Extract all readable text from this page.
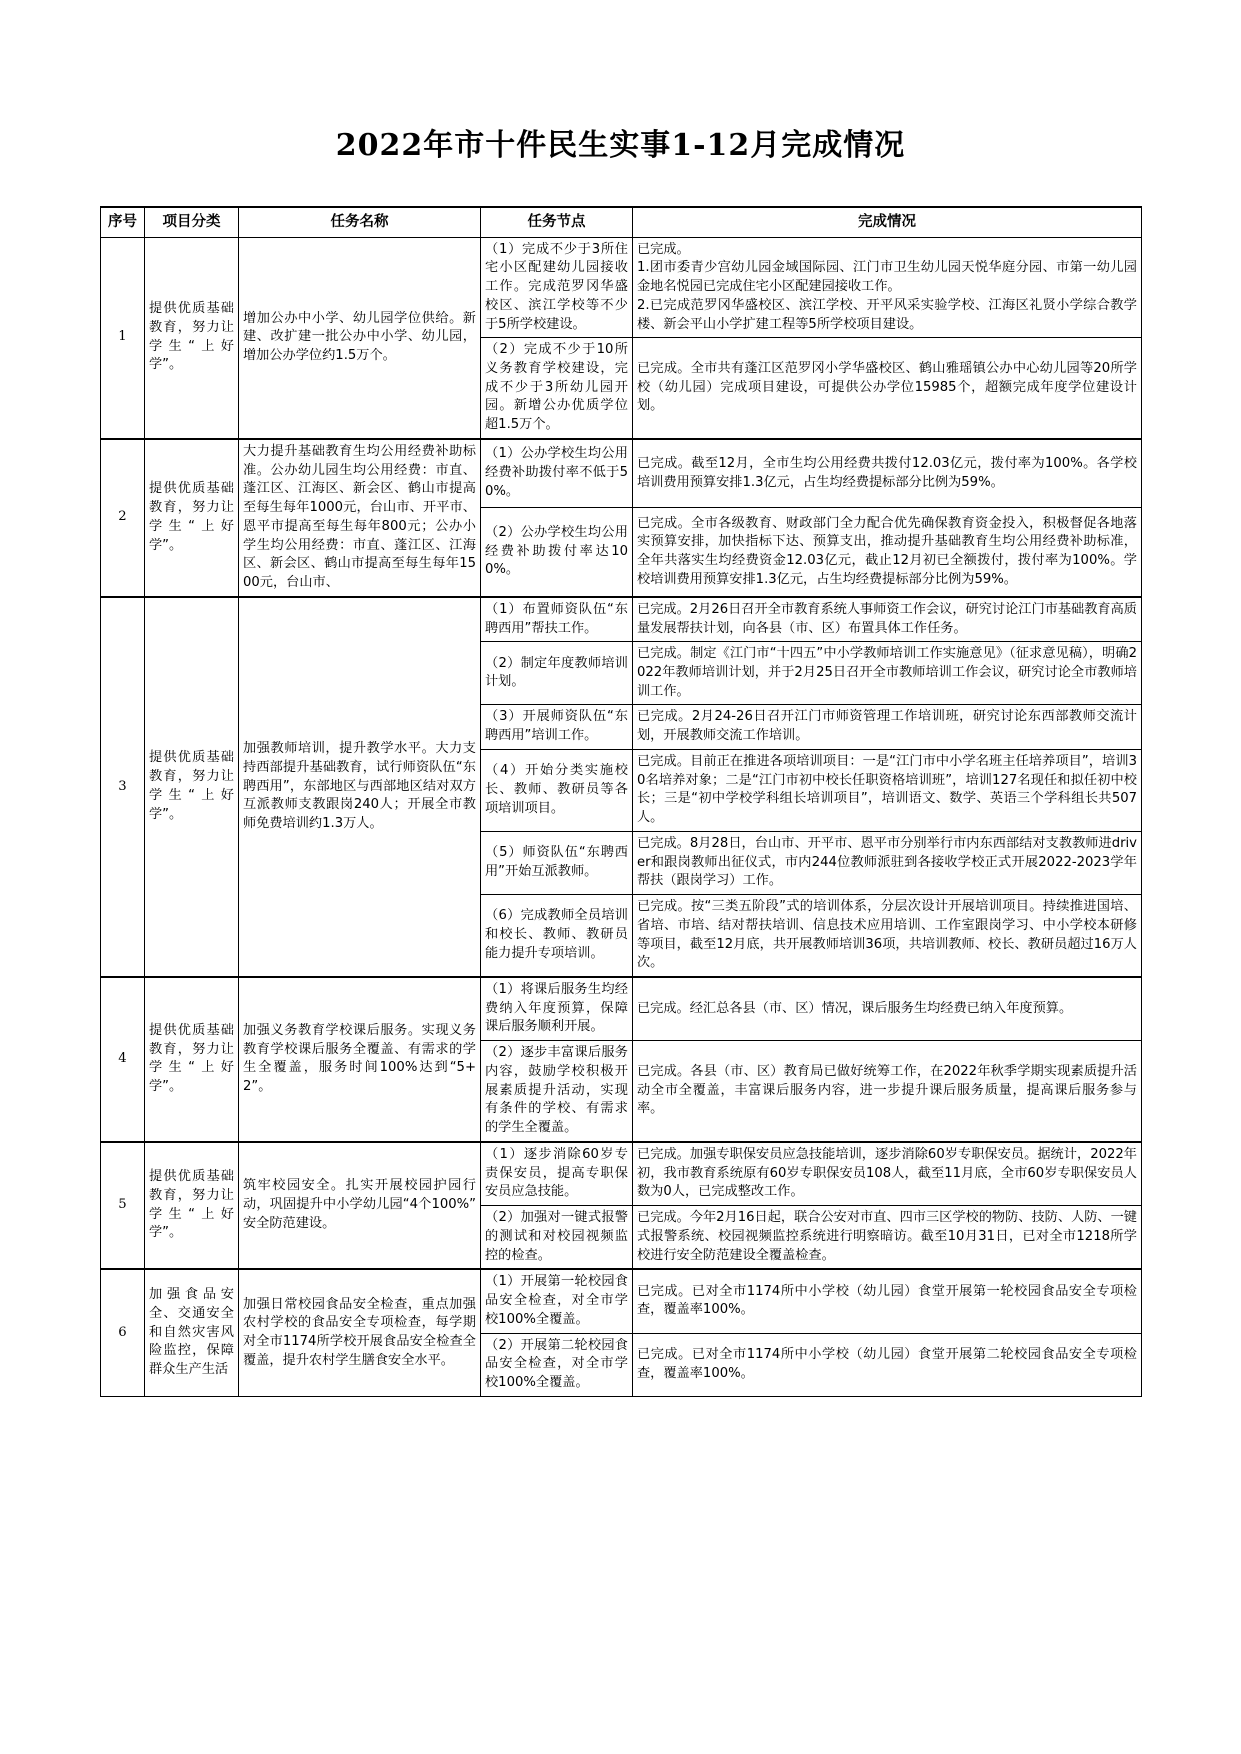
2022年市十件民生实事1-12月完成情况
序号	项目分类	任务名称	任务节点	完成情况
1	提供优质基础教育，努力让学生“上好学”。	增加公办中小学、幼儿园学位供给。新建、改扩建一批公办中小学、幼儿园，增加公办学位约1.5万个。	（1）完成不少于3所住宅小区配建幼儿园接收工作。完成范罗冈华盛校区、滨江学校等不少于5所学校建设。	已完成。
1.团市委青少宫幼儿园金域国际园、江门市卫生幼儿园天悦华庭分园、市第一幼儿园金地名悦园已完成住宅小区配建园接收工作。
2.已完成范罗冈华盛校区、滨江学校、开平风采实验学校、江海区礼贤小学综合教学楼、新会平山小学扩建工程等5所学校项目建设。
			（2）完成不少于10所义务教育学校建设，完成不少于3所幼儿园开园。新增公办优质学位超1.5万个。	已完成。全市共有蓬江区范罗冈小学华盛校区、鹤山雅瑶镇公办中心幼儿园等20所学校（幼儿园）完成项目建设，可提供公办学位15985个，超额完成年度学位建设计划。
2	提供优质基础教育，努力让学生“上好学”。	大力提升基础教育生均公用经费补助标准。公办幼儿园生均公用经费：市直、蓬江区、江海区、新会区、鹤山市提高至每生每年1000元，台山市、开平市、恩平市提高至每生每年800元；公办小学生均公用经费：市直、蓬江区、江海区、新会区、鹤山市提高至每生每年1500元，台山市、	（1）公办学校生均公用经费补助拨付率不低于50%。	已完成。截至12月，全市生均公用经费共拨付12.03亿元，拨付率为100%。各学校培训费用预算安排1.3亿元，占生均经费提标部分比例为59%。
			（2）公办学校生均公用经费补助拨付率达100%。	已完成。全市各级教育、财政部门全力配合优先确保教育资金投入，积极督促各地落实预算安排，加快指标下达、预算支出，推动提升基础教育生均公用经费补助标准，全年共落实生均经费资金12.03亿元，截止12月初已全额拨付，拨付率为100%。学校培训费用预算安排1.3亿元，占生均经费提标部分比例为59%。
3	提供优质基础教育，努力让学生“上好学”。	加强教师培训，提升教学水平。大力支持西部提升基础教育，试行师资队伍“东聘西用”，东部地区与西部地区结对双方互派教师支教跟岗240人；开展全市教师免费培训约1.3万人。	（1）布置师资队伍“东聘西用”帮扶工作。	已完成。2月26日召开全市教育系统人事师资工作会议，研究讨论江门市基础教育高质量发展帮扶计划，向各县（市、区）布置具体工作任务。
			（2）制定年度教师培训计划。	已完成。制定《江门市“十四五”中小学教师培训工作实施意见》（征求意见稿），明确2022年教师培训计划，并于2月25日召开全市教师培训工作会议，研究讨论全市教师培训工作。
			（3）开展师资队伍“东聘西用”培训工作。	已完成。2月24-26日召开江门市师资管理工作培训班，研究讨论东西部教师交流计划，开展教师交流工作培训。
			（4）开始分类实施校长、教师、教研员等各项培训项目。	已完成。目前正在推进各项培训项目：一是“江门市中小学名班主任培养项目”，培训30名培养对象；二是“江门市初中校长任职资格培训班”，培训127名现任和拟任初中校长；三是“初中学校学科组长培训项目”，培训语文、数学、英语三个学科组长共507人。
			（5）师资队伍“东聘西用”开始互派教师。	已完成。8月28日，台山市、开平市、恩平市分别举行市内东西部结对支教教师进driver和跟岗教师出征仪式，市内244位教师派驻到各接收学校正式开展2022-2023学年帮扶（跟岗学习）工作。
			（6）完成教师全员培训和校长、教师、教研员能力提升专项培训。	已完成。按“三类五阶段”式的培训体系，分层次设计开展培训项目。持续推进国培、省培、市培、结对帮扶培训、信息技术应用培训、工作室跟岗学习、中小学校本研修等项目，截至12月底，共开展教师培训36项，共培训教师、校长、教研员超过16万人次。
4	提供优质基础教育，努力让学生“上好学”。	加强义务教育学校课后服务。实现义务教育学校课后服务全覆盖、有需求的学生全覆盖，服务时间100%达到“5+2”。	（1）将课后服务生均经费纳入年度预算，保障课后服务顺利开展。	已完成。经汇总各县（市、区）情况，课后服务生均经费已纳入年度预算。
			（2）逐步丰富课后服务内容，鼓励学校积极开展素质提升活动，实现有条件的学校、有需求的学生全覆盖。	已完成。各县（市、区）教育局已做好统筹工作，在2022年秋季学期实现素质提升活动全市全覆盖，丰富课后服务内容，进一步提升课后服务质量，提高课后服务参与率。
5	提供优质基础教育，努力让学生“上好学”。	筑牢校园安全。扎实开展校园护园行动，巩固提升中小学幼儿园“4个100%”安全防范建设。	（1）逐步消除60岁专责保安员，提高专职保安员应急技能。	已完成。加强专职保安员应急技能培训，逐步消除60岁专职保安员。据统计，2022年初，我市教育系统原有60岁专职保安员108人，截至11月底，全市60岁专职保安员人数为0人，已完成整改工作。
			（2）加强对一键式报警的测试和对校园视频监控的检查。	已完成。今年2月16日起，联合公安对市直、四市三区学校的物防、技防、人防、一键式报警系统、校园视频监控系统进行明察暗访。截至10月31日，已对全市1218所学校进行安全防范建设全覆盖检查。
6	加强食品安全、交通安全和自然灾害风险监控，保障群众生产生活	加强日常校园食品安全检查，重点加强农村学校的食品安全专项检查，每学期对全市1174所学校开展食品安全检查全覆盖，提升农村学生膳食安全水平。	（1）开展第一轮校园食品安全检查，对全市学校100%全覆盖。	已完成。已对全市1174所中小学校（幼儿园）食堂开展第一轮校园食品安全专项检查，覆盖率100%。
			（2）开展第二轮校园食品安全检查，对全市学校100%全覆盖。	已完成。已对全市1174所中小学校（幼儿园）食堂开展第二轮校园食品安全专项检查，覆盖率100%。
